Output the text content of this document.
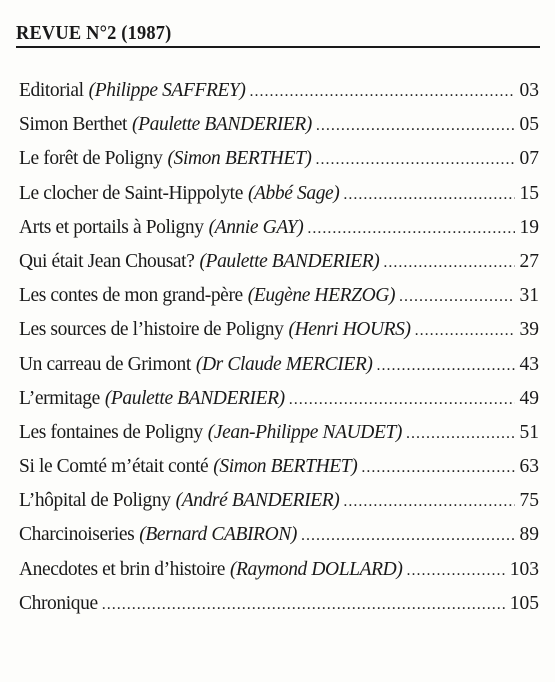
REVUE N°2 (1987)
Editorial (Philippe SAFFREY) . . .	03
Simon Berthet (Paulette BANDERIER) . . .	05
Le forêt de Poligny (Simon BERTHET) . . .	07
Le clocher de Saint-Hippolyte (Abbé Sage) . . .	15
Arts et portails à Poligny (Annie GAY) . . .	19
Qui était Jean Chousat? (Paulette BANDERIER) . . .	27
Les contes de mon grand-père (Eugène HERZOG) . . .	31
Les sources de l’histoire de Poligny (Henri HOURS) . . .	39
Un carreau de Grimont (Dr Claude MERCIER) . . .	43
L’ermitage (Paulette BANDERIER) . . .	49
Les fontaines de Poligny (Jean-Philippe NAUDET) . . .	51
Si le Comté m’était conté (Simon BERTHET) . . .	63
L’hôpital de Poligny (André BANDERIER) . . .	75
Charcinoiseries (Bernard CABIRON) . . .	89
Anecdotes et brin d’histoire (Raymond DOLLARD) . . .	103
Chronique . . .	105
